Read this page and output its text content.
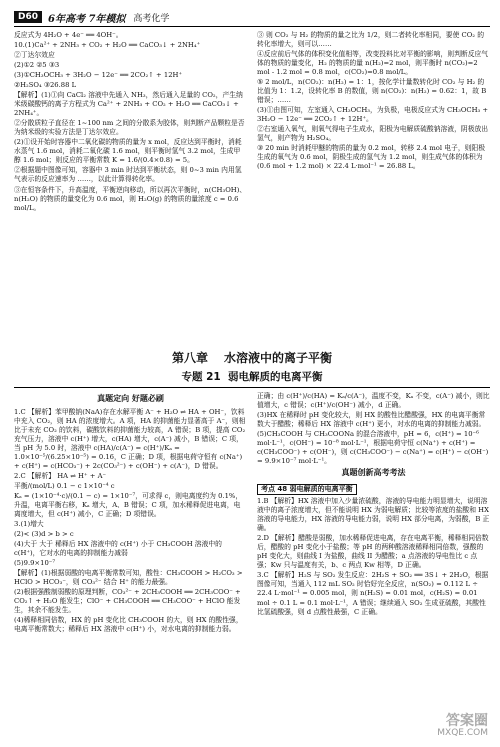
D60	6年高考 7年模拟 高考化学

反应式为 4H₂O + 4e⁻ ══ 4OH⁻。

10.(1)Ca²⁺ + 2NH₃ + CO₂ + H₂O ══ CaCO₃↓ + 2NH₄⁺

②丁达尔效应

(2)①2 ②5 ③3

(3)①CH₃OCH₃ + 3H₂O − 12e⁻ ══ 2CO₂↑ + 12H⁺

②H₂SO₄ ③26.88 L

【解析】(1)①向 CaCl₂ 溶液中先通入 NH₃，然后通入足量的 CO₂，产生纳米级碳酸钙的离子方程式为 Ca²⁺ + 2NH₃ + CO₂ + H₂O ══ CaCO₃↓ + 2NH₄⁺。

②分散质粒子直径在 1~100 nm 之间的分散系为胶体，则判断产品颗粒是否为纳米级的实验方法是丁达尔效应。

(2)①设开始时容器中二氧化碳的物质的量为 x mol，反应达到平衡时，消耗水蒸气 1.6 mol，消耗二氧化碳 1.6 mol，则平衡时氢气 3.2 mol，生成甲醇 1.6 mol；则反应的平衡常数 K = 1.6/(0.4×0.8) = 5。

②根据题中图像可知，容器中 3 min 时达到平衡状态，则 0~3 min 内用氢气表示的反应速率为 ……，以此计算得转化率。

③在恒容条件下，升高温度，平衡逆向移动，所以再次平衡时，n(CH₃OH)、n(H₂O) 的物质的量变化为 0.6 mol，则 H₂O(g) 的物质的量浓度 c = 0.6 mol/L。

③ 则 CO₂ 与 H₂ 的物质的量之比为 1/2，则二者转化率相同，要使 CO₂ 的转化率增大，则可以……

④反应前后气体的体积变化值相等，改变投料比对平衡的影响，则判断反应气体的物质的量变化，H₂ 的物质的量 n(H₂)=2 mol，则平衡时 n(CO₂)=2 mol - 1.2 mol = 0.8 mol，c(CO₂)=0.8 mol/L。

⑤ 2 mol/L，n(CO₂)：n(H₂) = 1：1，按化学计量数转化时 CO₂ 与 H₂ 的比值为 1：1.2，设转化率 B 的数值，则 n(CO₂)：n(H₂) = 0.62：1，故 B 错误；……

(3)①由图可知，左室通入 CH₃OCH₃，为负极，电极反应式为 CH₃OCH₃ + 3H₂O − 12e⁻ ══ 2CO₂↑ + 12H⁺。

②右室通入氧气，则氧气得电子生成水，阳极为电解质硫酸钠溶液，阴极放出氢气，则产物为 H₂SO₄。

③ 20 min 时消耗甲醚的物质的量为 0.2 mol，转移 2.4 mol 电子，则阳极生成的氧气为 0.6 mol，阴极生成的氢气为 1.2 mol，则生成气体的体积为 (0.6 mol + 1.2 mol) × 22.4 L·mol⁻¹ = 26.88 L。

第八章 水溶液中的离子平衡
专题 21 弱电解质的电离平衡
真题定向 好题必刷

1.C 【解析】苯甲酸钠(NaA)存在水解平衡 A⁻ + H₂O ⇌ HA + OH⁻，饮料中充入 CO₂，则 HA 的浓度增大。A 项，HA 的抑菌能力显著高于 A⁻，则相比于未充 CO₂ 的饮料，碳酸饮料的抑菌能力较高，A 错误；B 项，提高 CO₂ 充气压力，溶液中 c(H⁺) 增大，c(HA) 增大，c(A⁻) 减小，B 错误；C 项，当 pH 为 5.0 时，溶液中 c(HA)/c(A⁻) = c(H⁺)/Kₐ = 1.0×10⁻⁵/(6.25×10⁻⁵) = 0.16，C 正确；D 项，根据电荷守恒有 c(Na⁺) + c(H⁺) = c(HCO₃⁻) + 2c(CO₃²⁻) + c(OH⁻) + c(A⁻)，D 错误。

2.C 【解析】 HA ⇌ H⁺ + A⁻

平衡/(mol/L) 0.1 − c 1×10⁻⁴ c

Kₐ = (1×10⁻⁴·c)/(0.1 − c) = 1×10⁻⁷，可求得 c，则电离度约为 0.1%，升温，电离平衡右移，Kₐ 增大，A、B 错误；C 项，加水稀释促进电离，电离度增大，但 c(H⁺) 减小，C 正确；D 项错误。

3.(1)增大

(2)< (3)d > b > c

(4)大于 大于 稀释后 HX 溶液中的 c(H⁺) 小于 CH₃COOH 溶液中的 c(H⁺)，它对水的电离的抑制能力减弱

(5)9.9×10⁻⁷

【解析】(1)根据弱酸的电离平衡常数可知，酸性：CH₃COOH > H₂CO₃ > HClO > HCO₃⁻，则 CO₃²⁻ 结合 H⁺ 的能力最强。

(2)根据强酸制弱酸的原理判断，CO₃²⁻ + 2CH₃COOH ══ 2CH₃COO⁻ + CO₂↑ + H₂O 能发生；ClO⁻ + CH₃COOH ══ CH₃COO⁻ + HClO 能发生，其余不能发生。

(4)稀释相同倍数，HX 的 pH 变化比 CH₃COOH 的大，则 HX 的酸性强，电离平衡常数大；稀释后 HX 溶液中 c(H⁺) 小，对水电离的抑制能力弱。

正确；由 c(H⁺)/c(HA) = Kₐ/c(A⁻)，温度不变，Kₐ 不变，c(A⁻) 减小，则比值增大，c 错误；c(H⁺)/c(OH⁻) 减小，d 正确。

(3)HX 在稀释时 pH 变化较大，则 HX 的酸性比醋酸强，HX 的电离平衡常数大于醋酸；稀释后 HX 溶液中 c(H⁺) 更小，对水的电离的抑制能力减弱。

(5)CH₃COOH 与 CH₃COONa 的混合溶液中，pH = 6，c(H⁺) = 10⁻⁶ mol·L⁻¹，c(OH⁻) = 10⁻⁸ mol·L⁻¹，根据电荷守恒 c(Na⁺) + c(H⁺) = c(CH₃COO⁻) + c(OH⁻)，则 c(CH₃COO⁻) − c(Na⁺) = c(H⁺) − c(OH⁻) = 9.9×10⁻⁷ mol·L⁻¹。

真题创新高考考法
考点 48 弱电解质的电离平衡

1.B 【解析】HX 溶液中加入少量浓硫酸，溶液的导电能力明显增大，说明溶液中的离子浓度增大，但不能说明 HX 为弱电解质；比较等浓度的盐酸和 HX 溶液的导电能力，HX 溶液的导电能力弱，说明 HX 部分电离，为弱酸，B 正确。

2.D 【解析】醋酸是弱酸，加水稀释促进电离，存在电离平衡，稀释相同倍数后，醋酸的 pH 变化小于盐酸；等 pH 的两种酸溶液稀释相同倍数，强酸的 pH 变化大，则曲线 I 为盐酸，曲线 II 为醋酸；a 点溶液的导电性比 c 点强；Kw 只与温度有关，b、c 两点 Kw 相等，D 正确。

3.C 【解析】H₂S 与 SO₂ 发生反应：2H₂S + SO₂ ══ 3S↓ + 2H₂O，根据图像可知，当通入 112 mL SO₂ 时恰好完全反应，n(SO₂) = 0.112 L ÷ 22.4 L·mol⁻¹ = 0.005 mol，则 n(H₂S) = 0.01 mol，c(H₂S) = 0.01 mol ÷ 0.1 L = 0.1 mol·L⁻¹，A 错误；继续通入 SO₂ 生成亚硫酸，其酸性比氢硫酸强，则 d 点酸性最强，C 正确。

答案圈
MXQE.COM
